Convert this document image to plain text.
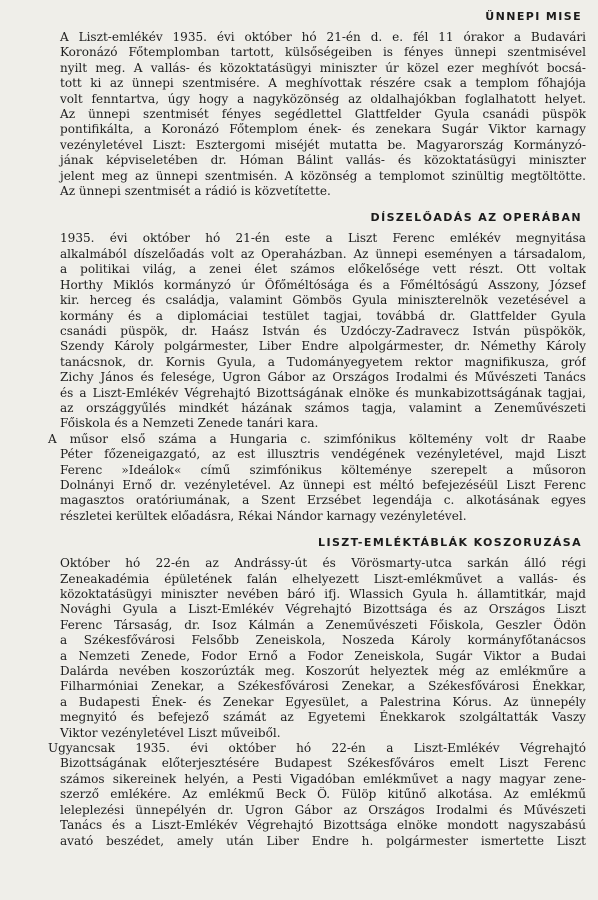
ÜNNEPI MISE

A Liszt-emlékév 1935. évi október hó 21-én d. e. fél 11 órakor a Budavári
Koronázó Főtemplomban tartott, külsőségeiben is fényes ünnepi szentmisével
nyilt meg. A vallás- és közoktatásügyi miniszter úr közel ezer meghívót bocsá-
tott ki az ünnepi szentmisére. A meghívottak részére csak a templom főhajója
volt fenntartva, úgy hogy a nagyközönség az oldalhajókban foglalhatott helyet.
Az ünnepi szentmisét fényes segédlettel Glattfelder Gyula csanádi püspök
pontifikálta, a Koronázó Főtemplom ének- és zenekara Sugár Viktor karnagy
vezényletével Liszt: Esztergomi miséjét mutatta be. Magyarország Kormányzó-
jának képviseletében dr. Hóman Bálint vallás- és közoktatásügyi miniszter
jelent meg az ünnepi szentmisén. A közönség a templomot szinültig megtöltötte.
Az ünnepi szentmisét a rádió is közvetítette.

DÍSZELŐADÁS AZ OPERÁBAN

1935. évi október hó 21-én este a Liszt Ferenc emlékév megnyitása
alkalmából díszelőadás volt az Operaházban. Az ünnepi eseményen a társadalom,
a politikai világ, a zenei élet számos előkelősége vett részt. Ott voltak
Horthy Miklós kormányzó úr Őfőméltósága és a Főméltóságú Asszony, József
kir. herceg és családja, valamint Gömbös Gyula miniszterelnök vezetésével a
kormány és a diplomáciai testület tagjai, továbbá dr. Glattfelder Gyula
csanádi püspök, dr. Haász István és Uzdóczy-Zadravecz István püspökök,
Szendy Károly polgármester, Liber Endre alpolgármester, dr. Némethy Károly
tanácsnok, dr. Kornis Gyula, a Tudományegyetem rektor magnifikusza, gróf
Zichy János és felesége, Ugron Gábor az Országos Irodalmi és Művészeti Tanács
és a Liszt-Emlékév Végrehajtó Bizottságának elnöke és munkabizottságának tagjai,
az országgyűlés mindkét házának számos tagja, valamint a Zeneművészeti
Főiskola és a Nemzeti Zenede tanári kara.

A műsor első száma a Hungaria c. szimfónikus költemény volt dr Raabe
Péter főzeneigazgató, az est illusztris vendégének vezényletével, majd Liszt
Ferenc »Ideálok« című szimfónikus költeménye szerepelt a műsoron
Dolnányi Ernő dr. vezényletével. Az ünnepi est méltó befejezéséül Liszt Ferenc
magasztos oratóriumának, a Szent Erzsébet legendája c. alkotásának egyes
részletei kerültek előadásra, Rékai Nándor karnagy vezényletével.

LISZT-EMLÉKTÁBLÁK KOSZORUZÁSA

Október hó 22-én az Andrássy-út és Vörösmarty-utca sarkán álló régi
Zeneakadémia épületének falán elhelyezett Liszt-emlékművet a vallás- és
közoktatásügyi miniszter nevében báró ifj. Wlassich Gyula h. államtitkár, majd
Novághi Gyula a Liszt-Emlékév Végrehajtó Bizottsága és az Országos Liszt
Ferenc Társaság, dr. Isoz Kálmán a Zeneművészeti Főiskola, Geszler Ödön
a Székesfővárosi Felsőbb Zeneiskola, Noszeda Károly kormányfőtanácsos
a Nemzeti Zenede, Fodor Ernő a Fodor Zeneiskola, Sugár Viktor a Budai
Dalárda nevében koszorúzták meg. Koszorút helyeztek még az emlékműre a
Filharmóniai Zenekar, a Székesfővárosi Zenekar, a Székesfővárosi Énekkar,
a Budapesti Ének- és Zenekar Egyesület, a Palestrina Kórus. Az ünnepély
megnyitó és befejező számát az Egyetemi Énekkarok szolgáltatták Vaszy
Viktor vezényletével Liszt műveiből.

Ugyancsak 1935. évi október hó 22-én a Liszt-Emlékév Végrehajtó
Bizottságának előterjesztésére Budapest Székesfőváros emelt Liszt Ferenc
számos sikereinek helyén, a Pesti Vigadóban emlékművet a nagy magyar zene-
szerző emlékére. Az emlékmű Beck Ö. Fülöp kitűnő alkotása. Az emlékmű
leleplezési ünnepélyén dr. Ugron Gábor az Országos Irodalmi és Művészeti
Tanács és a Liszt-Emlékév Végrehajtó Bizottsága elnöke mondott nagyszabású
avató beszédet, amely után Liber Endre h. polgármester ismertette Liszt
